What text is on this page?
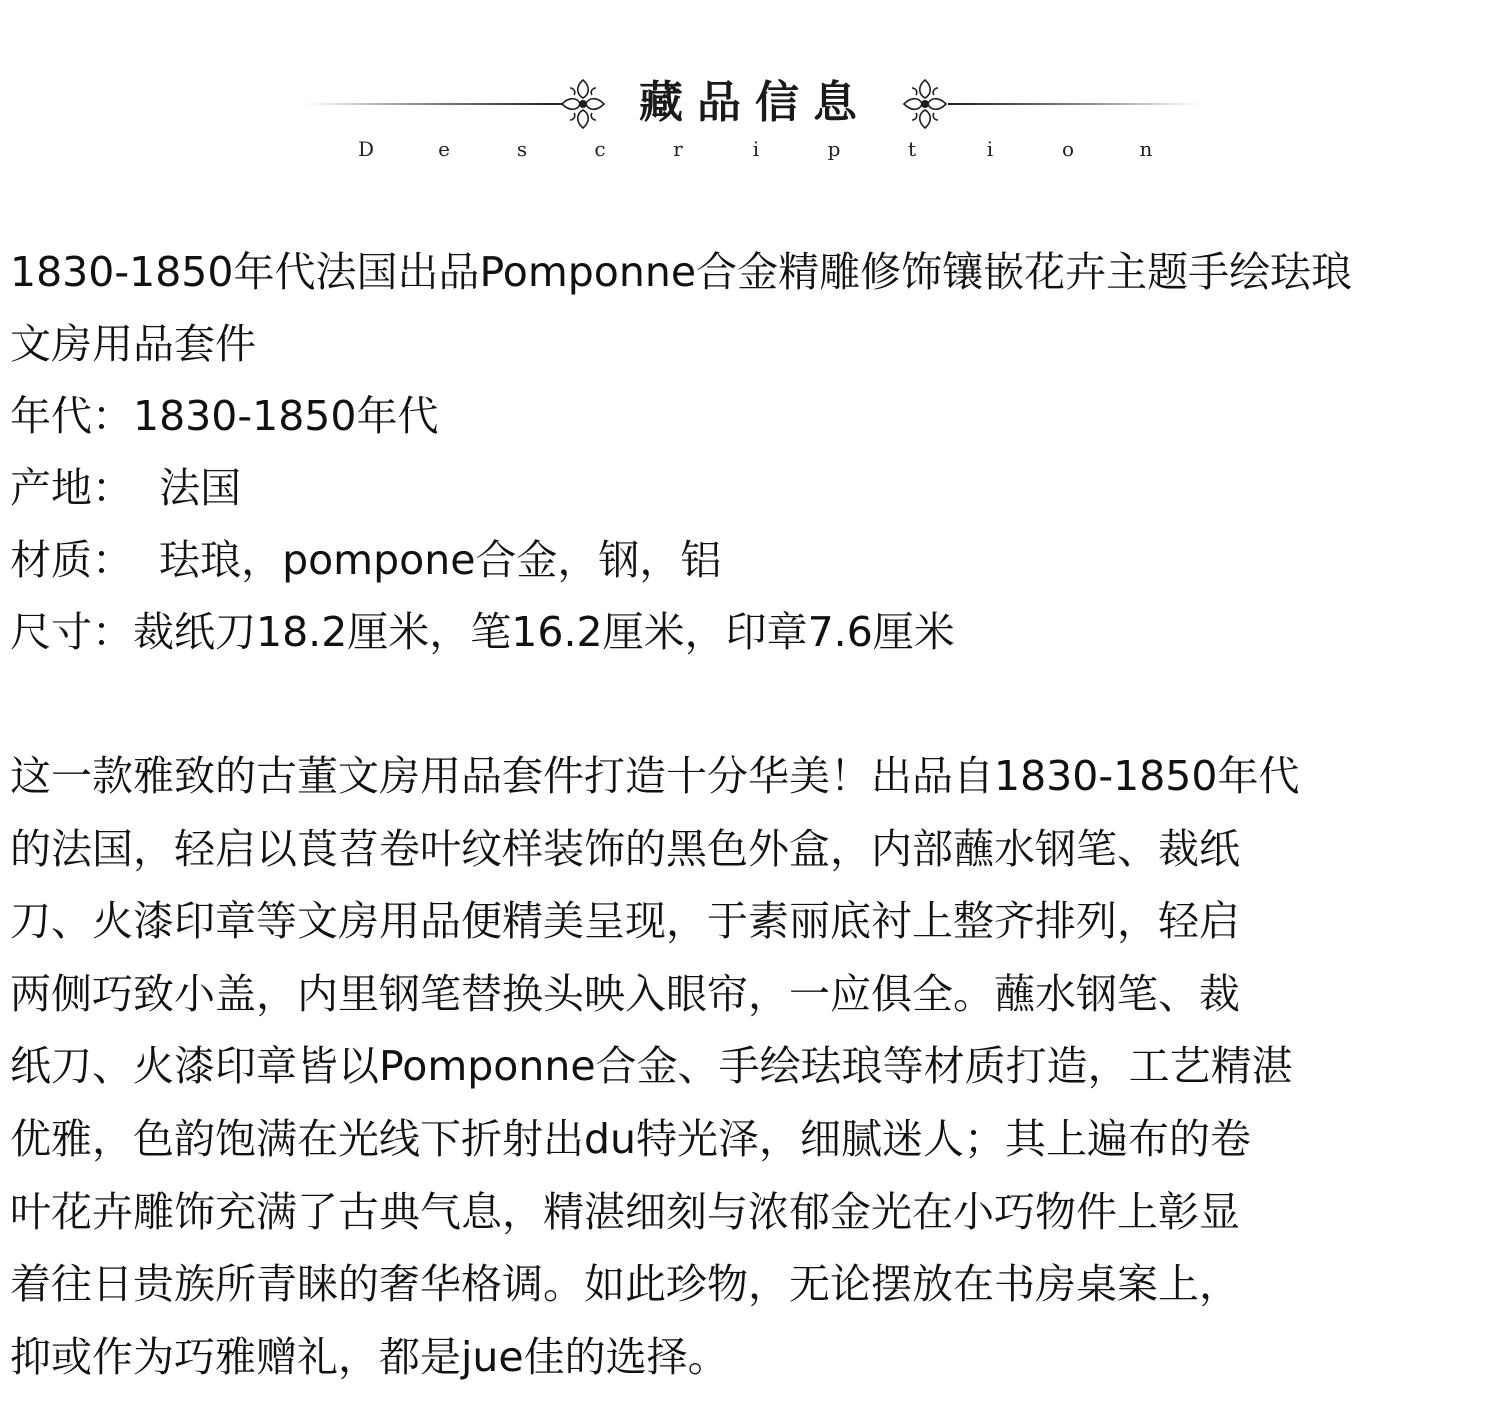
藏品信息
D	e	s	c	r	i	p	t	i	o	n

1830-1850年代法国出品Pomponne合金精雕修饰镶嵌花卉主题手绘珐琅

文房用品套件

年代：1830-1850年代

产地：  法国

材质：  珐琅，pompone合金，钢，铝

尺寸：裁纸刀18.2厘米，笔16.2厘米，印章7.6厘米

这一款雅致的古董文房用品套件打造十分华美！出品自1830-1850年代

的法国，轻启以莨苕卷叶纹样装饰的黑色外盒，内部蘸水钢笔、裁纸

刀、火漆印章等文房用品便精美呈现，于素丽底衬上整齐排列，轻启

两侧巧致小盖，内里钢笔替换头映入眼帘，一应俱全。蘸水钢笔、裁

纸刀、火漆印章皆以Pomponne合金、手绘珐琅等材质打造，工艺精湛

优雅，色韵饱满在光线下折射出du特光泽，细腻迷人；其上遍布的卷

叶花卉雕饰充满了古典气息，精湛细刻与浓郁金光在小巧物件上彰显

着往日贵族所青睐的奢华格调。如此珍物，无论摆放在书房桌案上，

抑或作为巧雅赠礼，都是jue佳的选择。
